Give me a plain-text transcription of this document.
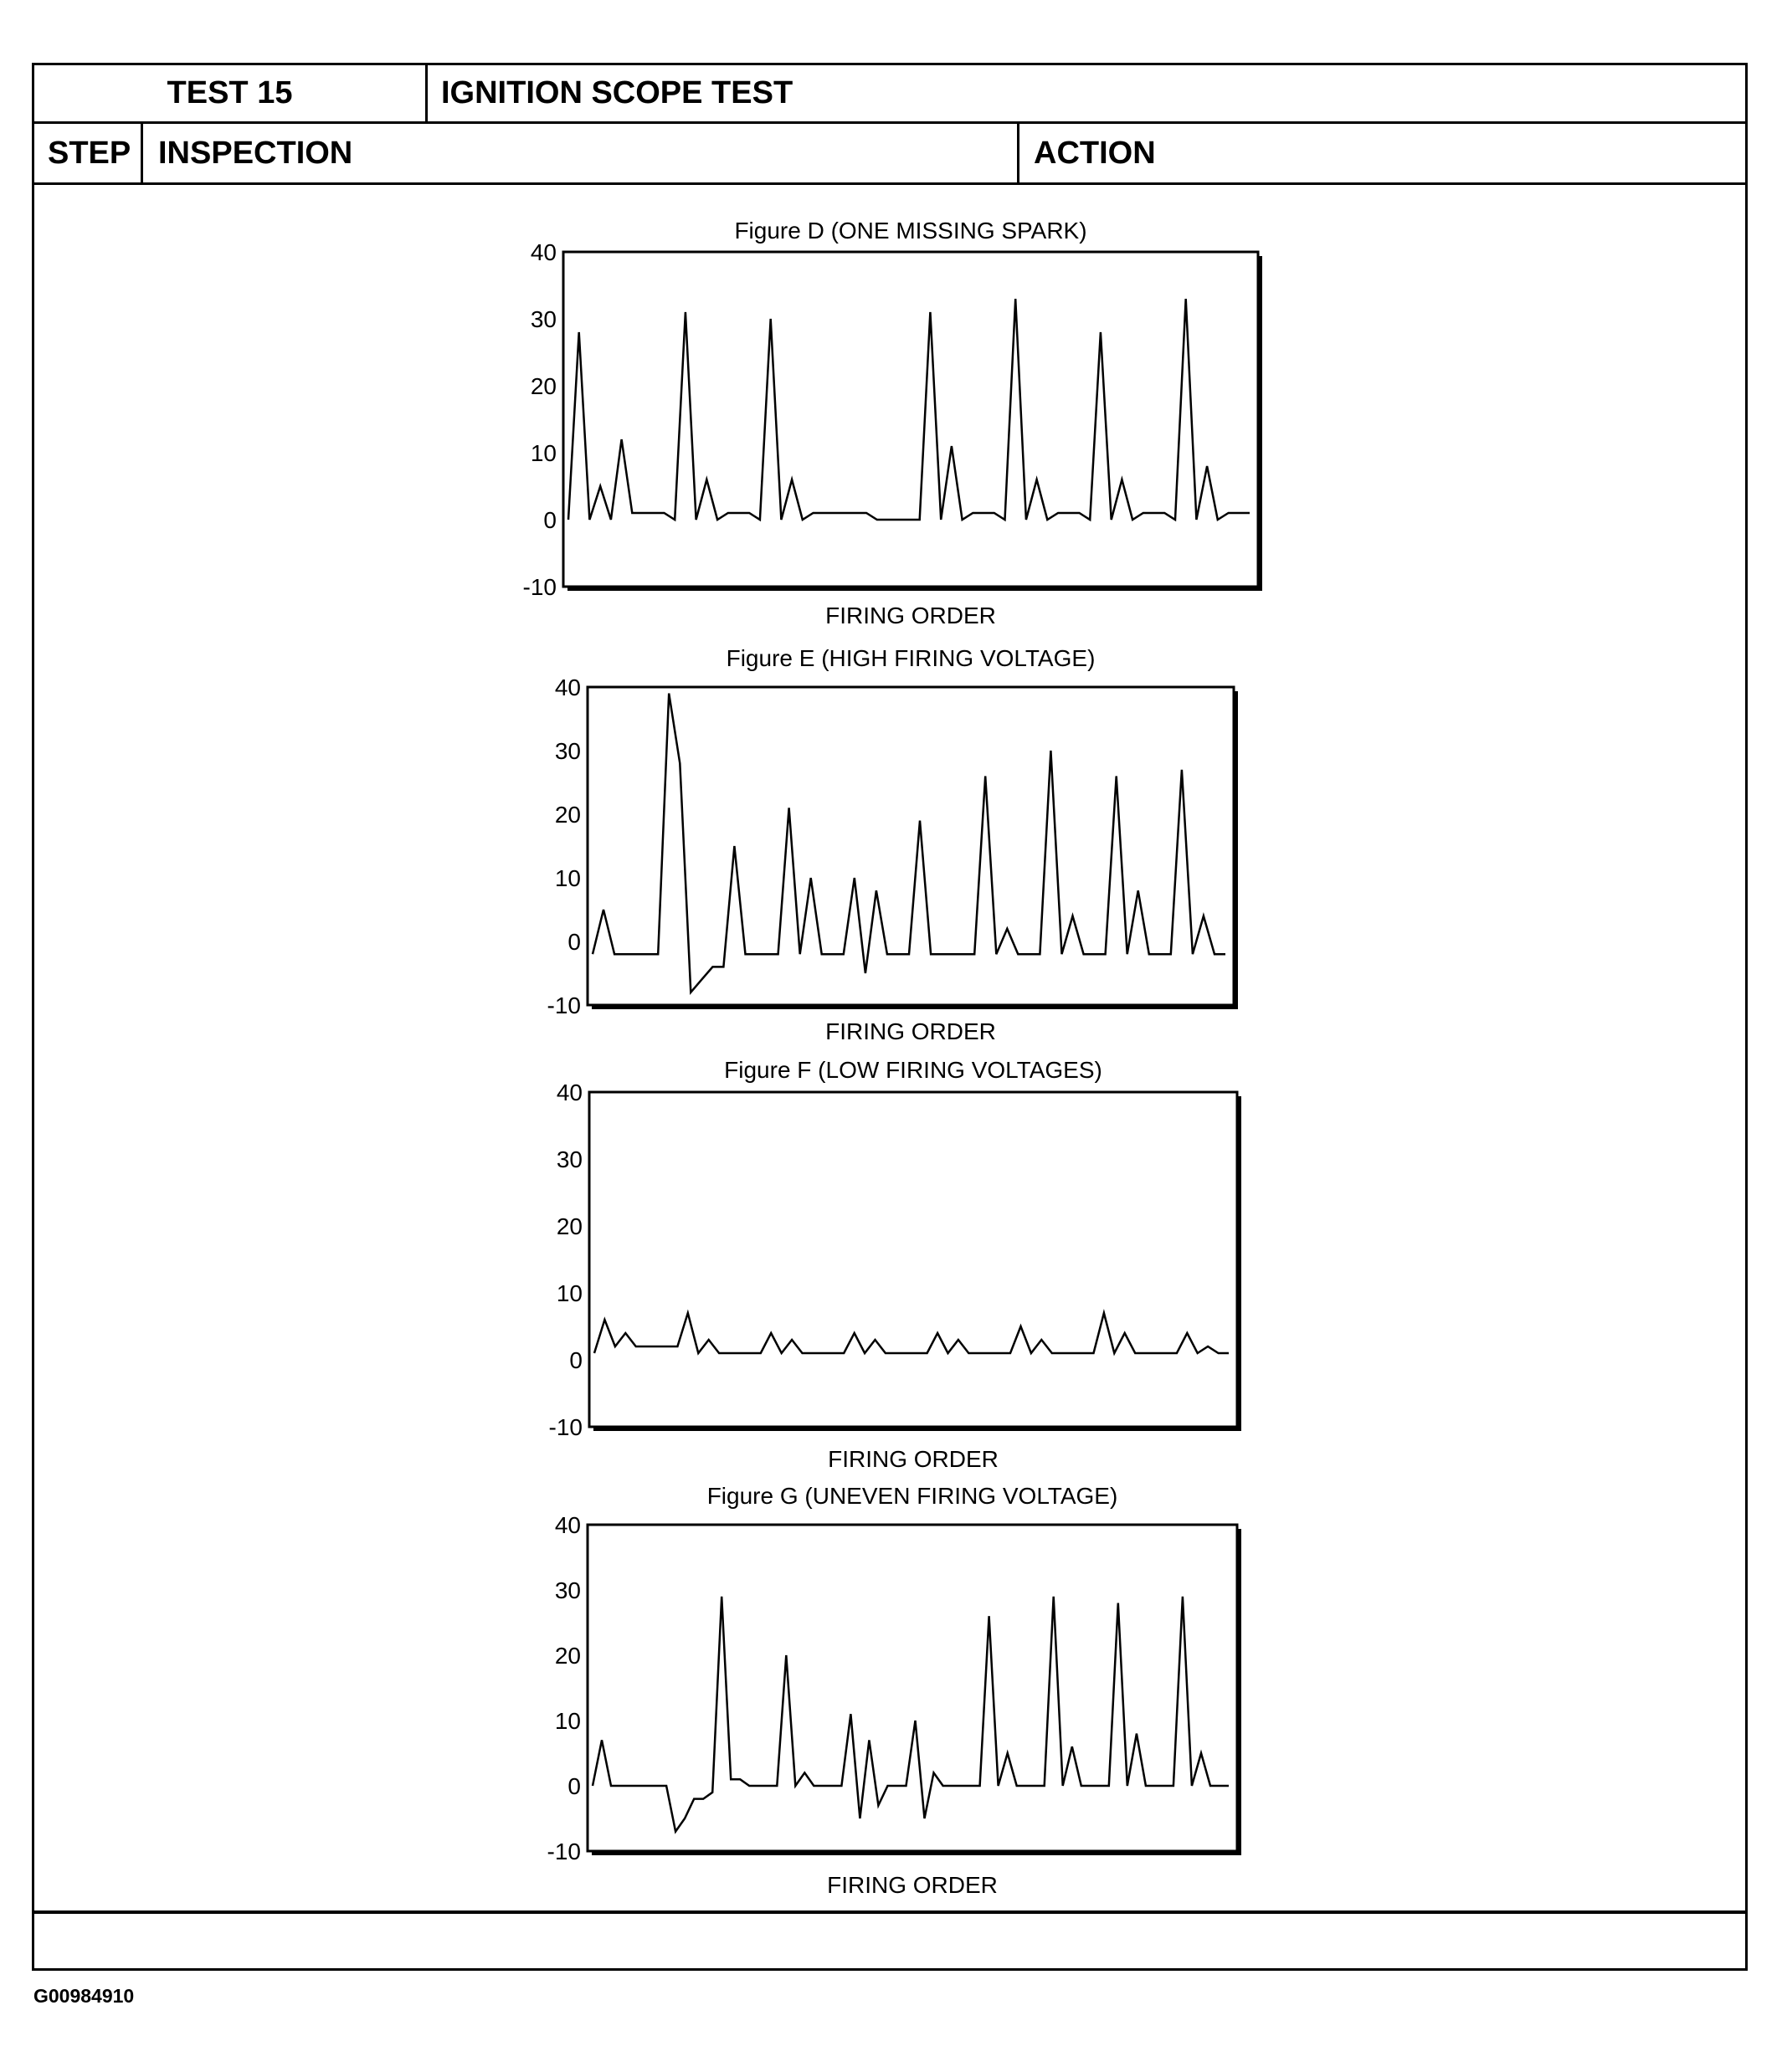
TEST 15	IGNITION SCOPE TEST
STEP INSPECTION	ACTION
Figure D (ONE MISSING SPARK)
FIRING ORDER
40
30
20
10
0
-10
Figure E (HIGH FIRING VOLTAGE)
FIRING ORDER
40
30
20
10
0
-10
Figure F (LOW FIRING VOLTAGES)
FIRING ORDER
40
30
20
10
0
-10
Figure G (UNEVEN FIRING VOLTAGE)
FIRING ORDER
40
30
20
10
0
-10
G00984910
